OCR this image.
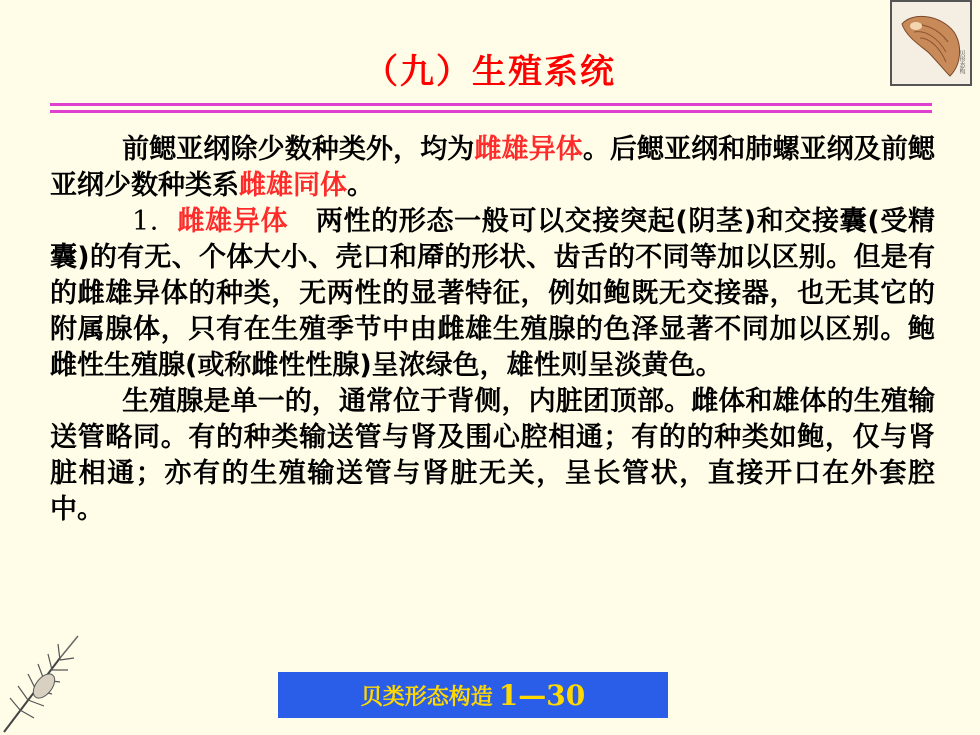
（九）生殖系统	贝形态构

前鳃亚纲除少数种类外，均为雌雄异体。后鳃亚纲和肺螺亚纲及前鳃亚纲少数种类系雌雄同体。

1．雌雄异体　 两性的形态一般可以交接突起(阴茎)和交接囊(受精囊)的有无、个体大小、壳口和厣的形状、齿舌的不同等加以区别。但是有的雌雄异体的种类，无两性的显著特征，例如鲍既无交接器，也无其它的附属腺体，只有在生殖季节中由雌雄生殖腺的色泽显著不同加以区别。鲍雌性生殖腺(或称雌性性腺)呈浓绿色，雄性则呈淡黄色。

生殖腺是单一的，通常位于背侧，内脏团顶部。雌体和雄体的生殖输送管略同。有的种类输送管与肾及围心腔相通；有的的种类如鲍，仅与肾脏相通；亦有的生殖输送管与肾脏无关，呈长管状，直接开口在外套腔中。

贝类形态构造 1—30
